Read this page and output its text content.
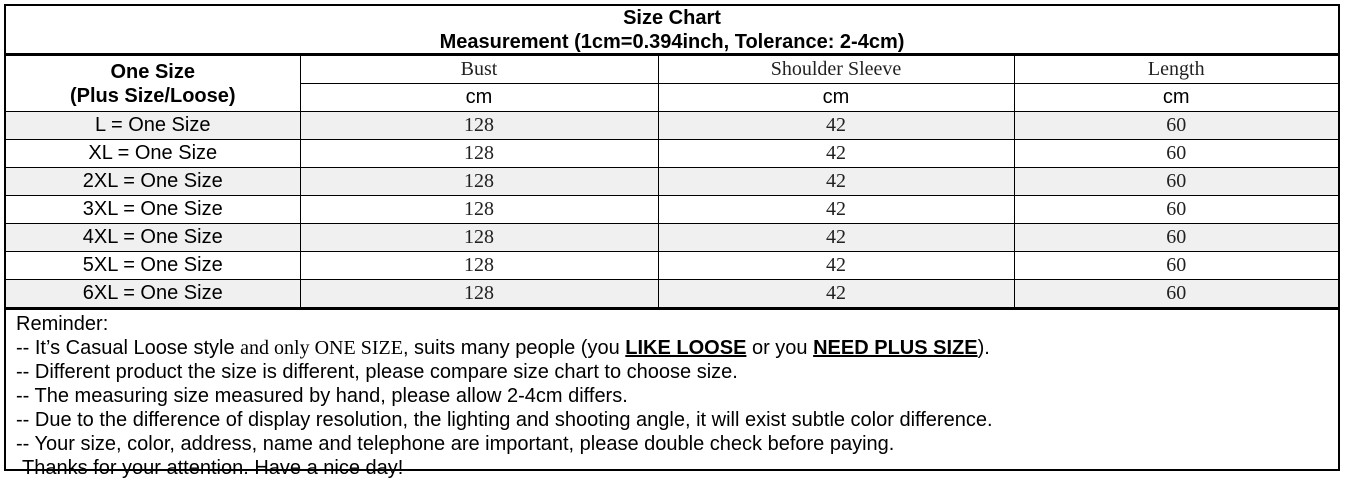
Size Chart
Measurement (1cm=0.394inch, Tolerance: 2-4cm)
One Size
(Plus Size/Loose)	Bust	Shoulder Sleeve	Length
	cm	cm	cm
L = One Size	128	42	60
XL = One Size	128	42	60
2XL = One Size	128	42	60
3XL = One Size	128	42	60
4XL = One Size	128	42	60
5XL = One Size	128	42	60
6XL = One Size	128	42	60
Reminder:
-- It’s Casual Loose style and only ONE SIZE, suits many people (you LIKE LOOSE or you NEED PLUS SIZE).
-- Different product the size is different, please compare size chart to choose size.
-- The measuring size measured by hand, please allow 2-4cm differs.
-- Due to the difference of display resolution, the lighting and shooting angle, it will exist subtle color difference.
-- Your size, color, address, name and telephone are important, please double check before paying.
Thanks for your attention. Have a nice day!
